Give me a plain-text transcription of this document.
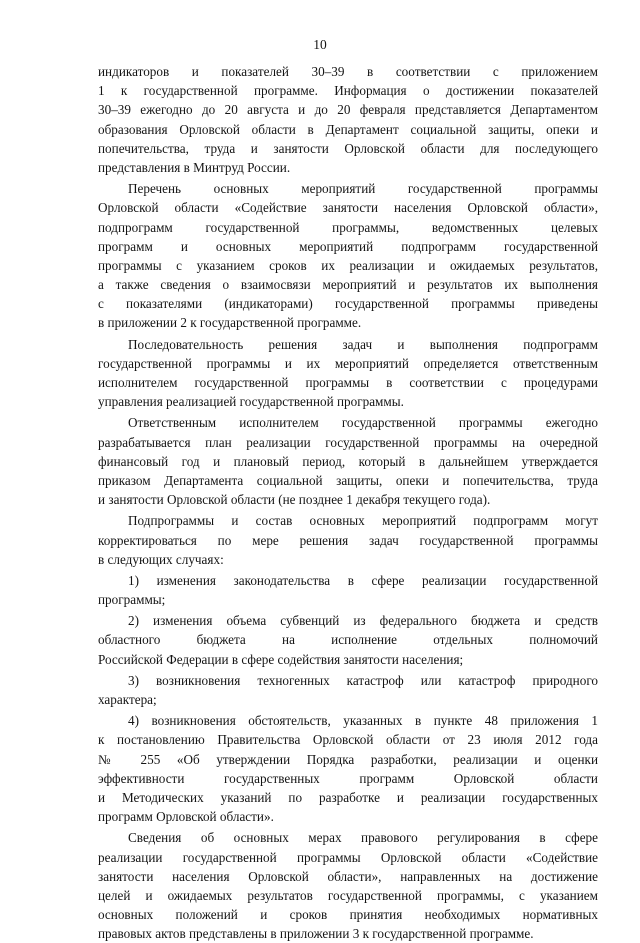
10
индикаторов и показателей 30–39 в соответствии с приложением
1 к государственной программе. Информация о достижении показателей
30–39 ежегодно до 20 августа и до 20 февраля представляется Департаментом
образования Орловской области в Департамент социальной защиты, опеки и
попечительства, труда и занятости Орловской области для последующего
представления в Минтруд России.
Перечень основных мероприятий государственной программы
Орловской области «Содействие занятости населения Орловской области»,
подпрограмм государственной программы, ведомственных целевых
программ и основных мероприятий подпрограмм государственной
программы с указанием сроков их реализации и ожидаемых результатов,
а также сведения о взаимосвязи мероприятий и результатов их выполнения
с показателями (индикаторами) государственной программы приведены
в приложении 2 к государственной программе.
Последовательность решения задач и выполнения подпрограмм
государственной программы и их мероприятий определяется ответственным
исполнителем государственной программы в соответствии с процедурами
управления реализацией государственной программы.
Ответственным исполнителем государственной программы ежегодно
разрабатывается план реализации государственной программы на очередной
финансовый год и плановый период, который в дальнейшем утверждается
приказом Департамента социальной защиты, опеки и попечительства, труда
и занятости Орловской области (не позднее 1 декабря текущего года).
Подпрограммы и состав основных мероприятий подпрограмм могут
корректироваться по мере решения задач государственной программы
в следующих случаях:
1) изменения законодательства в сфере реализации государственной
программы;
2) изменения объема субвенций из федерального бюджета и средств
областного бюджета на исполнение отдельных полномочий
Российской Федерации в сфере содействия занятости населения;
3) возникновения техногенных катастроф или катастроф природного
характера;
4) возникновения обстоятельств, указанных в пункте 48 приложения 1
к постановлению Правительства Орловской области от 23 июля 2012 года
№ 255 «Об утверждении Порядка разработки, реализации и оценки
эффективности государственных программ Орловской области
и Методических указаний по разработке и реализации государственных
программ Орловской области».
Сведения об основных мерах правового регулирования в сфере
реализации государственной программы Орловской области «Содействие
занятости населения Орловской области», направленных на достижение
целей и ожидаемых результатов государственной программы, с указанием
основных положений и сроков принятия необходимых нормативных
правовых актов представлены в приложении 3 к государственной программе.
